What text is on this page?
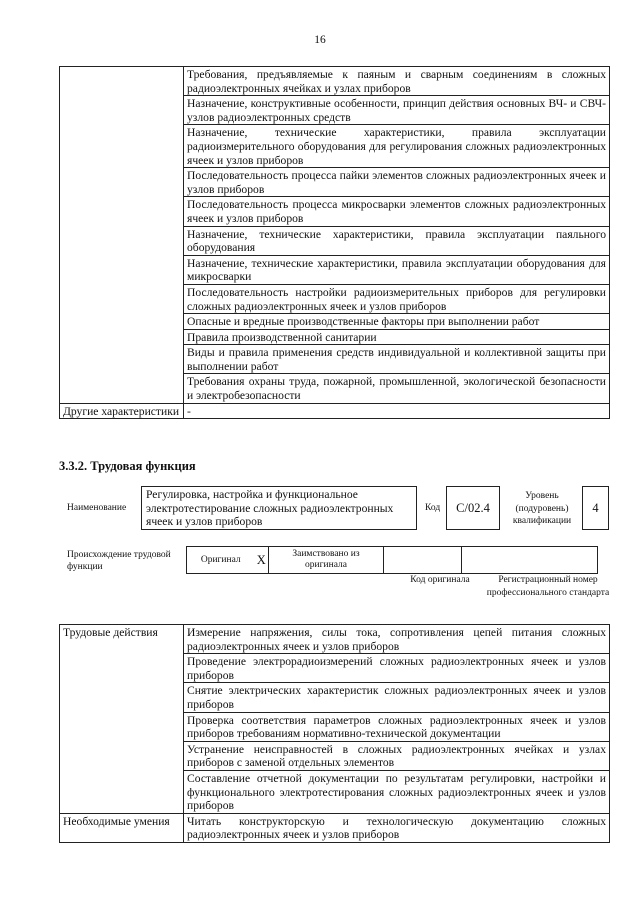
16
	Требования, предъявляемые к паяным и сварным соединениям в сложных радиоэлектронных ячейках и узлах приборов
	Назначение, конструктивные особенности, принцип действия основных ВЧ- и СВЧ-узлов радиоэлектронных средств
	Назначение, технические характеристики, правила эксплуатации радиоизмерительного оборудования для регулирования сложных радиоэлектронных ячеек и узлов приборов
	Последовательность процесса пайки элементов сложных радиоэлектронных ячеек и узлов приборов
	Последовательность процесса микросварки элементов сложных радиоэлектронных ячеек и узлов приборов
	Назначение, технические характеристики, правила эксплуатации паяльного оборудования
	Назначение, технические характеристики, правила эксплуатации оборудования для микросварки
	Последовательность настройки радиоизмерительных приборов для регулировки сложных радиоэлектронных ячеек и узлов приборов
	Опасные и вредные производственные факторы при выполнении работ
	Правила производственной санитарии
	Виды и правила применения средств индивидуальной и коллективной защиты при выполнении работ
	Требования охраны труда, пожарной, промышленной, экологической безопасности и электробезопасности
Другие характеристики	-
3.3.2. Трудовая функция
Наименование
Регулировка, настройка и функциональное электротестирование сложных радиоэлектронных ячеек и узлов приборов
Код С/02.4
Уровень (подуровень) квалификации
4
Происхождение трудовой функции
Оригинал	X	Заимствовано из оригинала		
Код оригинала	Регистрационный номер профессионального стандарта
Трудовые действия	Измерение напряжения, силы тока, сопротивления цепей питания сложных радиоэлектронных ячеек и узлов приборов
	Проведение электрорадиоизмерений сложных радиоэлектронных ячеек и узлов приборов
	Снятие электрических характеристик сложных радиоэлектронных ячеек и узлов приборов
	Проверка соответствия параметров сложных радиоэлектронных ячеек и узлов приборов требованиям нормативно-технической документации
	Устранение неисправностей в сложных радиоэлектронных ячейках и узлах приборов с заменой отдельных элементов
	Составление отчетной документации по результатам регулировки, настройки и функционального электротестирования сложных радиоэлектронных ячеек и узлов приборов
Необходимые умения	Читать конструкторскую и технологическую документацию сложных радиоэлектронных ячеек и узлов приборов
